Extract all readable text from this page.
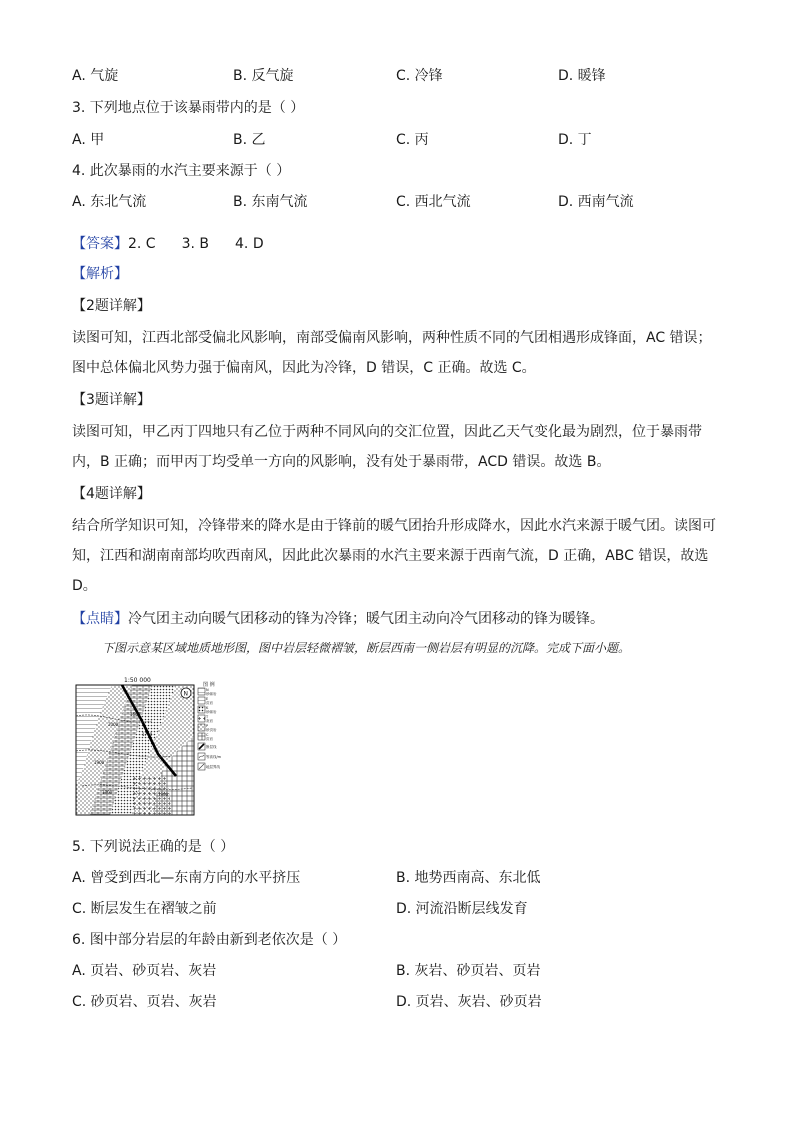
A. 气旋	B. 反气旋	C. 冷锋	D. 暖锋
3. 下列地点位于该暴雨带内的是（ ）
A. 甲	B. 乙	C. 丙	D. 丁
4. 此次暴雨的水汽主要来源于（ ）
A. 东北气流	B. 东南气流	C. 西北气流	D. 西南气流
【答案】2. C 3. B 4. D
【解析】
【2题详解】
读图可知，江西北部受偏北风影响，南部受偏南风影响，两种性质不同的气团相遇形成锋面，AC 错误；图中总体偏北风势力强于偏南风，因此为冷锋，D 错误，C 正确。故选 C。
【3题详解】
读图可知，甲乙丙丁四地只有乙位于两种不同风向的交汇位置，因此乙天气变化最为剧烈，位于暴雨带内，B 正确；而甲丙丁均受单一方向的风影响，没有处于暴雨带，ACD 错误。故选 B。
【4题详解】
结合所学知识可知，冷锋带来的降水是由于锋前的暖气团抬升形成降水，因此水汽来源于暖气团。读图可知，江西和湖南南部均吹西南风，因此此次暴雨的水汽主要来源于西南气流，D 正确，ABC 错误，故选 D。
【点睛】冷气团主动向暖气团移动的锋为冷锋；暖气团主动向冷气团移动的锋为暖锋。
下图示意某区域地质地形图，图中岩层轻微褶皱，断层西南一侧岩层有明显的沉降。完成下面小题。
1:50 000
N
2000
1900
1600
1700
1800	1900
图 例
N
砂砾岩
E
页岩
K
砂砾岩
T
灰岩
P
砂页岩
C
页岩
断层线
等高线/m
地层界线
5. 下列说法正确的是（ ）
A. 曾受到西北—东南方向的水平挤压	B. 地势西南高、东北低
C. 断层发生在褶皱之前	D. 河流沿断层线发育
6. 图中部分岩层的年龄由新到老依次是（ ）
A. 页岩、砂页岩、灰岩	B. 灰岩、砂页岩、页岩
C. 砂页岩、页岩、灰岩	D. 页岩、灰岩、砂页岩
